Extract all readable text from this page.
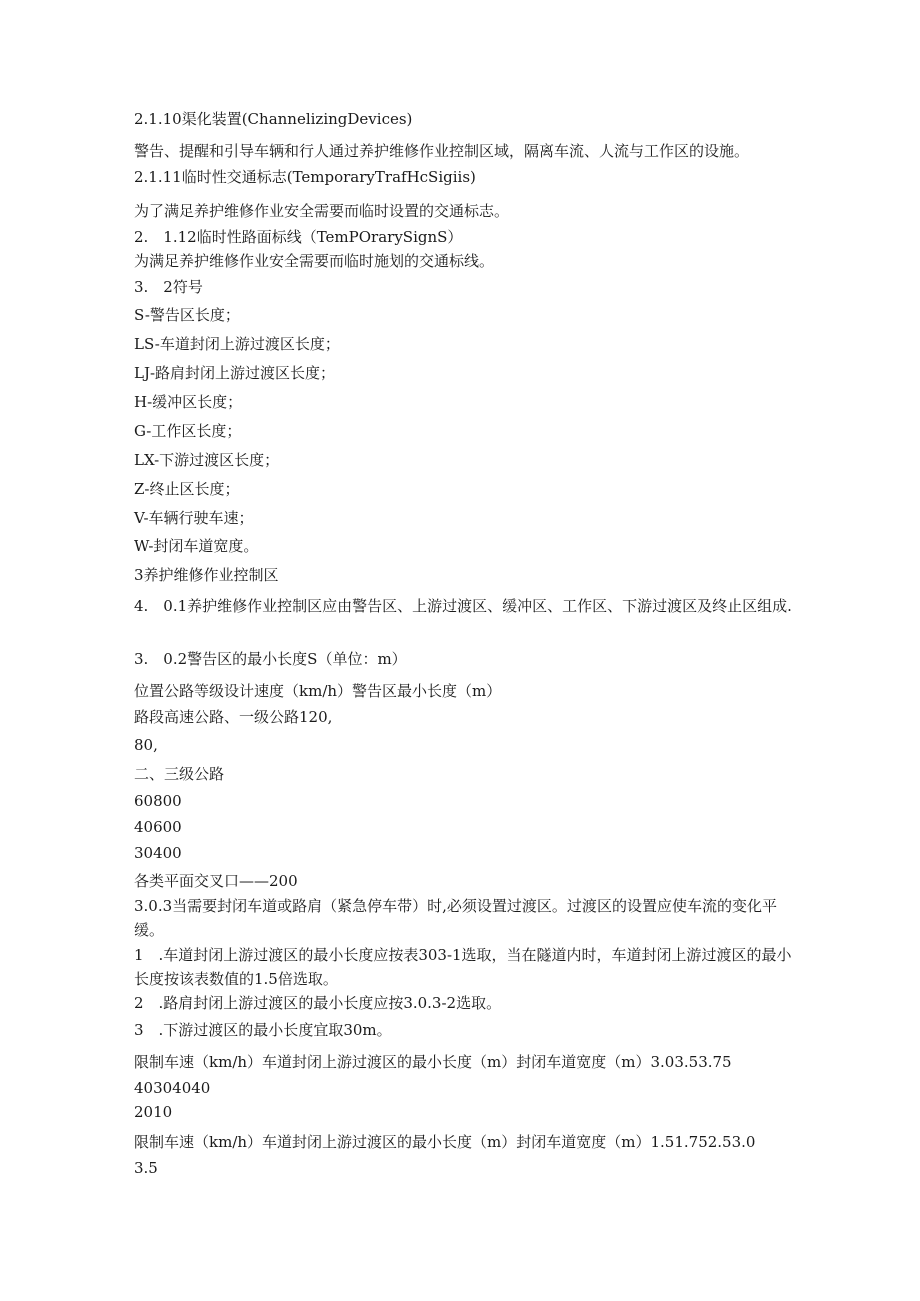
2.1.10渠化装置(ChannelizingDevices)
警告、提醒和引导车辆和行人通过养护维修作业控制区域，隔离车流、人流与工作区的设施。
2.1.11临时性交通标志(TemporaryTrafHcSigiis)
为了满足养护维修作业安全需要而临时设置的交通标志。
2.　1.12临时性路面标线（TemPOrarySignS）
为满足养护维修作业安全需要而临时施划的交通标线。
3.　2符号
S-警告区长度；
LS-车道封闭上游过渡区长度；
LJ-路肩封闭上游过渡区长度；
H-缓冲区长度；
G-工作区长度；
LX-下游过渡区长度；
Z-终止区长度；
V-车辆行驶车速；
W-封闭车道宽度。
3养护维修作业控制区
4.　0.1养护维修作业控制区应由警告区、上游过渡区、缓冲区、工作区、下游过渡区及终止区组成.
3.　0.2警告区的最小长度S（单位：m）
位置公路等级设计速度（km/h）警告区最小长度（m）
路段高速公路、一级公路120,
80,
二、三级公路
60800
40600
30400
各类平面交叉口——200
3.0.3当需要封闭车道或路肩（紧急停车带）时,必须设置过渡区。过渡区的设置应使车流的变化平缓。
1　.车道封闭上游过渡区的最小长度应按表303-1选取，当在隧道内时，车道封闭上游过渡区的最小长度按该表数值的1.5倍选取。
2　.路肩封闭上游过渡区的最小长度应按3.0.3-2选取。
3　.下游过渡区的最小长度宜取30m。
限制车速（km/h）车道封闭上游过渡区的最小长度（m）封闭车道宽度（m）3.03.53.75
40304040
2010
限制车速（km/h）车道封闭上游过渡区的最小长度（m）封闭车道宽度（m）1.51.752.53.0
3.5
